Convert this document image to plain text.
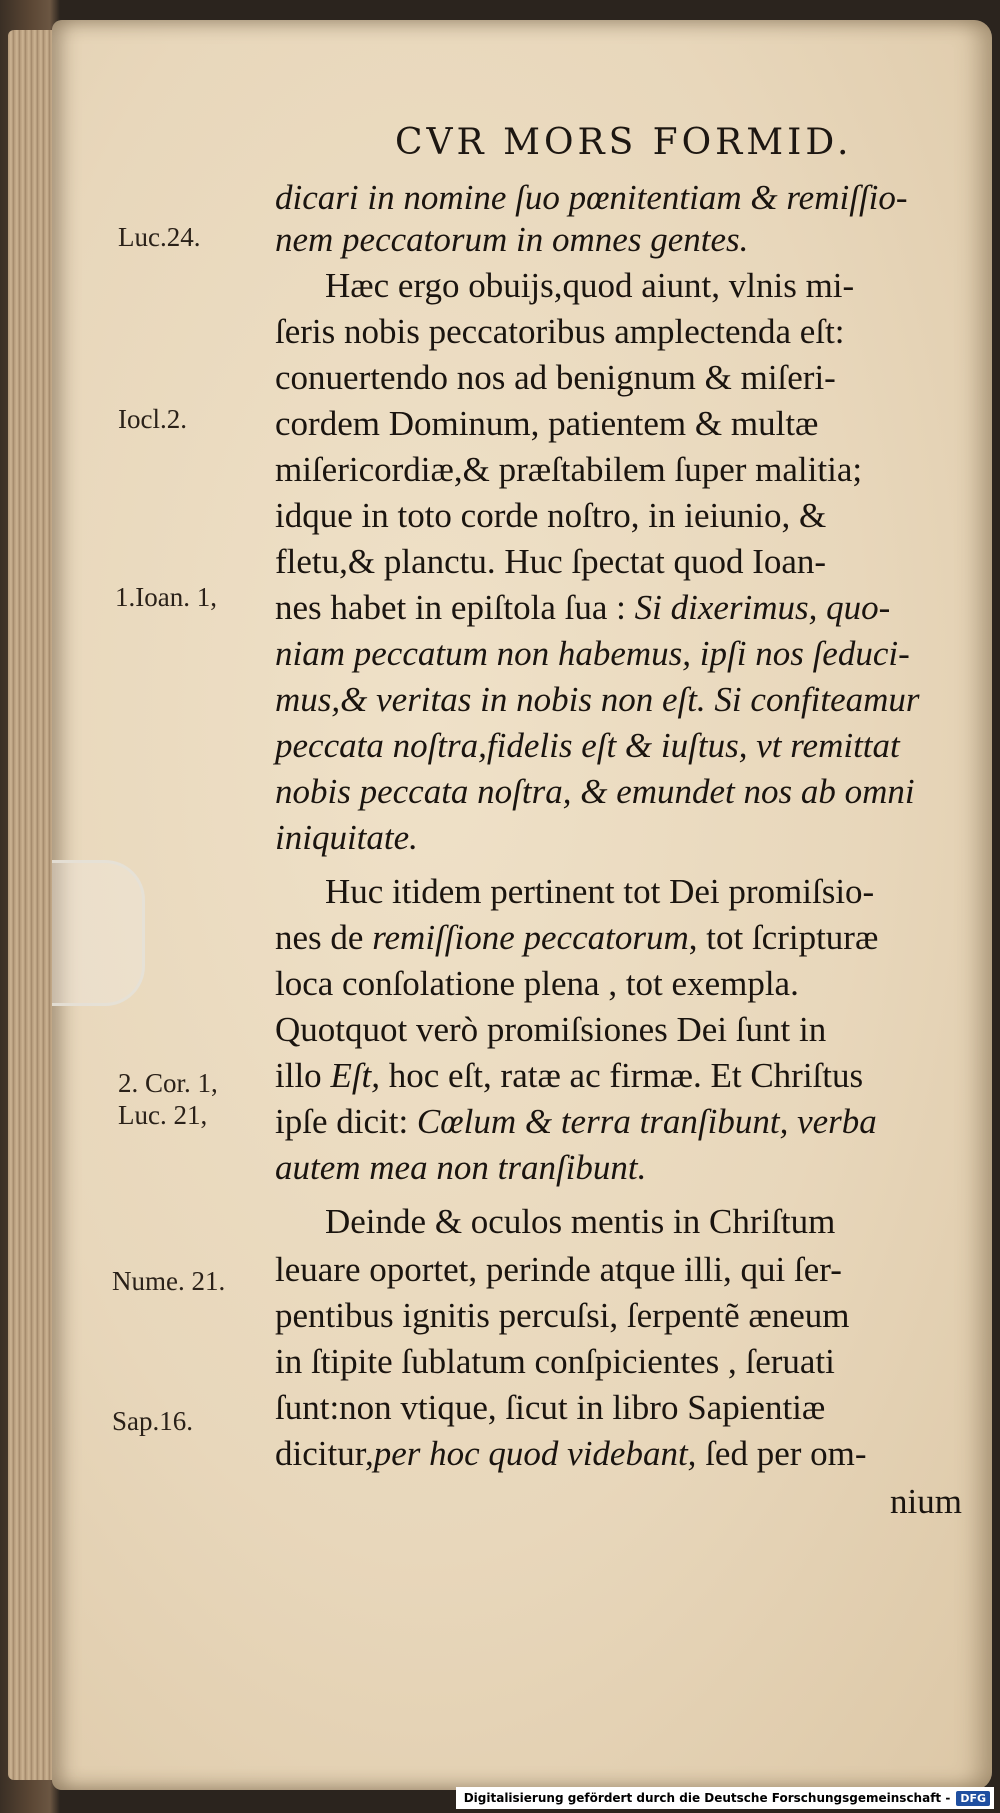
CVR MORS FORMID.
Luc.24.
Iocl.2.
1.Ioan. 1,
2. Cor. 1,
Luc. 21,
Nume. 21.
Sap.16.
dicari in nomine ſuo pœnitentiam & remiſſio-
nem peccatorum in omnes gentes.
Hæc ergo obuijs,quod aiunt, vlnis mi-
ſeris nobis peccatoribus amplectenda eſt:
conuertendo nos ad benignum & miſeri-
cordem Dominum, patientem & multæ
miſericordiæ,& præſtabilem ſuper malitia;
idque in toto corde noſtro, in ieiunio, &
fletu,& planctu. Huc ſpectat quod Ioan-
nes habet in epiſtola ſua : Si dixerimus, quo-
niam peccatum non habemus, ipſi nos ſeduci-
mus,& veritas in nobis non eſt. Si confiteamur
peccata noſtra,fidelis eſt & iuſtus, vt remittat
nobis peccata noſtra, & emundet nos ab omni
iniquitate.
Huc itidem pertinent tot Dei promiſsio-
nes de remiſſione peccatorum, tot ſcripturæ
loca conſolatione plena , tot exempla.
Quotquot verò promiſsiones Dei ſunt in
illo Eſt, hoc eſt, ratæ ac firmæ. Et Chriſtus
ipſe dicit: Cœlum & terra tranſibunt, verba
autem mea non tranſibunt.
Deinde & oculos mentis in Chriſtum
leuare oportet, perinde atque illi, qui ſer-
pentibus ignitis percuſsi, ſerpentẽ æneum
in ſtipite ſublatum conſpicientes , ſeruati
ſunt:non vtique, ſicut in libro Sapientiæ
dicitur,per hoc quod videbant, ſed per om-
nium
Digitalisierung gefördert durch die Deutsche Forschungsgemeinschaft - DFG
